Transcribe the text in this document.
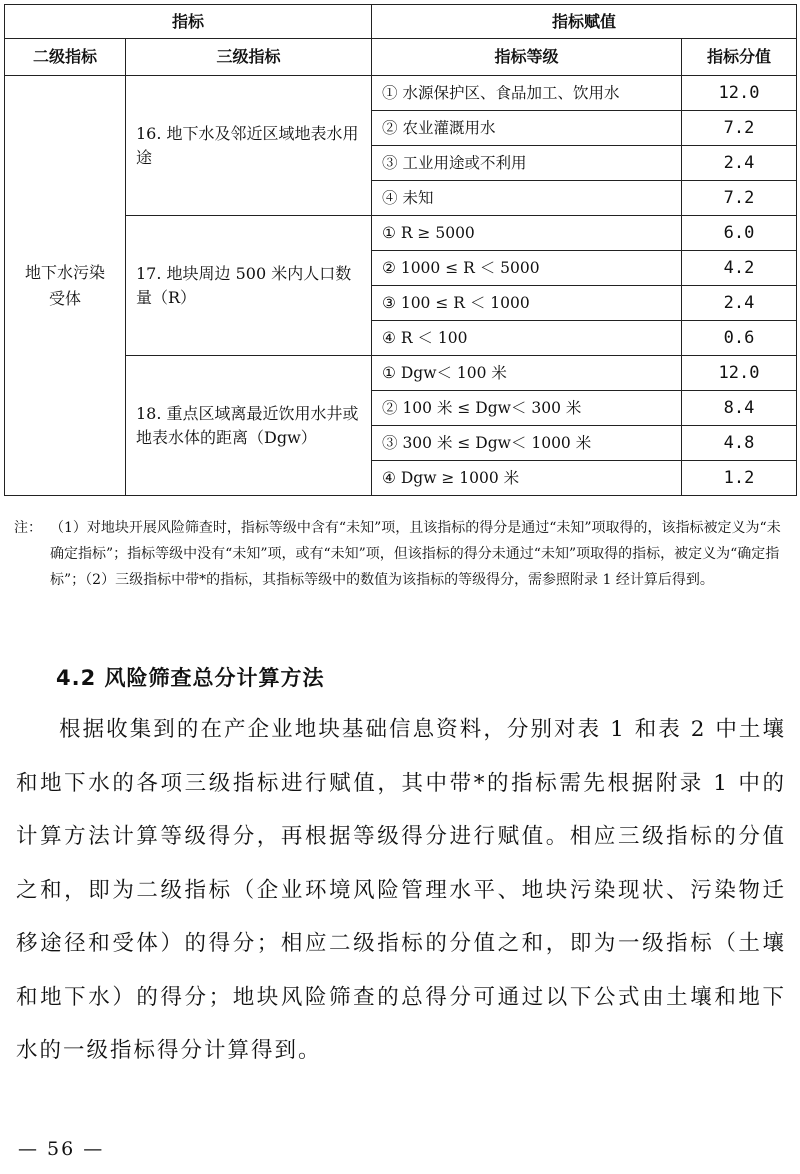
指标		指标赋值	
二级指标	三级指标	指标等级	指标分值

地下水污染受体	16. 地下水及邻近区域地表水用途	① 水源保护区、食品加工、饮用水	12.0
		② 农业灌溉用水	7.2
		③ 工业用途或不利用	2.4
		④ 未知	7.2
	17. 地块周边 500 米内人口数量（R）	① R ≥ 5000	6.0
		② 1000 ≤ R ＜ 5000	4.2
		③ 100 ≤ R ＜ 1000	2.4
		④ R ＜ 100	0.6
	18. 重点区域离最近饮用水井或地表水体的距离（Dgw）	① Dgw＜ 100 米	12.0
		② 100 米 ≤ Dgw＜ 300 米	8.4
		③ 300 米 ≤ Dgw＜ 1000 米	4.8
		④ Dgw ≥ 1000 米	1.2
注： （1）对地块开展风险筛查时，指标等级中含有“未知”项，且该指标的得分是通过“未知”项取得的，该指标被定义为“未确定指标”；指标等级中没有“未知”项，或有“未知”项，但该指标的得分未通过“未知”项取得的指标，被定义为“确定指标”；（2）三级指标中带*的指标，其指标等级中的数值为该指标的等级得分，需参照附录 1 经计算后得到。
4.2 风险筛查总分计算方法
根据收集到的在产企业地块基础信息资料，分别对表 1 和表 2 中土壤和地下水的各项三级指标进行赋值，其中带*的指标需先根据附录 1 中的计算方法计算等级得分，再根据等级得分进行赋值。相应三级指标的分值之和，即为二级指标（企业环境风险管理水平、地块污染现状、污染物迁移途径和受体）的得分；相应二级指标的分值之和，即为一级指标（土壤和地下水）的得分；地块风险筛查的总得分可通过以下公式由土壤和地下水的一级指标得分计算得到。
— 56 —
